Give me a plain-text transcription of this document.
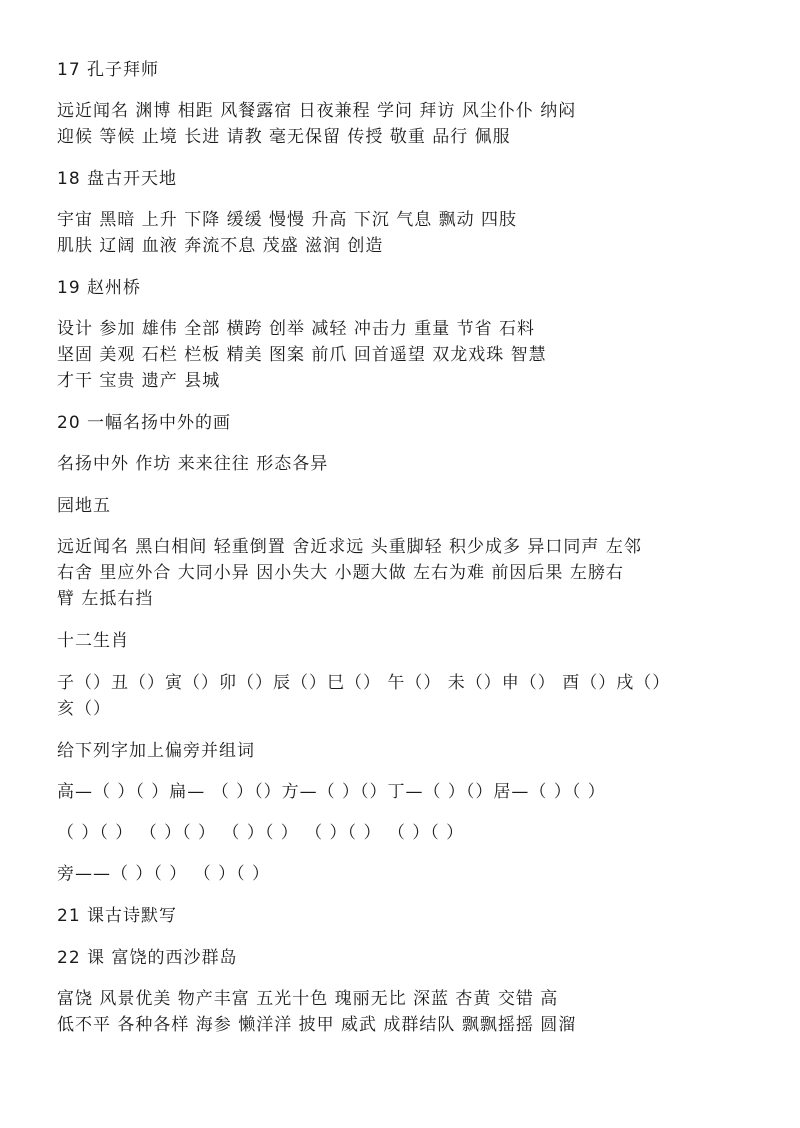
17 孔子拜师
远近闻名 渊博 相距 风餐露宿 日夜兼程 学问 拜访 风尘仆仆 纳闷
迎候 等候 止境 长进 请教 毫无保留 传授 敬重 品行 佩服
18 盘古开天地
宇宙 黑暗 上升 下降 缓缓 慢慢 升高 下沉 气息 飘动 四肢
肌肤 辽阔 血液 奔流不息 茂盛 滋润 创造
19 赵州桥
设计 参加 雄伟 全部 横跨 创举 减轻 冲击力 重量 节省 石料
坚固 美观 石栏 栏板 精美 图案 前爪 回首遥望 双龙戏珠 智慧
才干 宝贵 遗产 县城
20 一幅名扬中外的画
名扬中外 作坊 来来往往 形态各异
园地五
远近闻名 黑白相间 轻重倒置 舍近求远 头重脚轻 积少成多 异口同声 左邻
右舍 里应外合 大同小异 因小失大 小题大做 左右为难 前因后果 左膀右
臂 左抵右挡
十二生肖
子（）丑（）寅（）卯（）辰（）巳（） 午（） 未（）申（） 酉（）戌（）
亥（）
给下列字加上偏旁并组词
高—（ ）（ ）扁— （ ）（）方—（ ）（）丁—（ ）（）居—（ ）（ ）
（ ）（ ） （ ）（ ） （ ）（ ） （ ）（ ） （ ）（ ）
旁——（ ）（ ） （ ）（ ）
21 课古诗默写
22 课 富饶的西沙群岛
富饶 风景优美 物产丰富 五光十色 瑰丽无比 深蓝 杏黄 交错 高
低不平 各种各样 海参 懒洋洋 披甲 威武 成群结队 飘飘摇摇 圆溜
